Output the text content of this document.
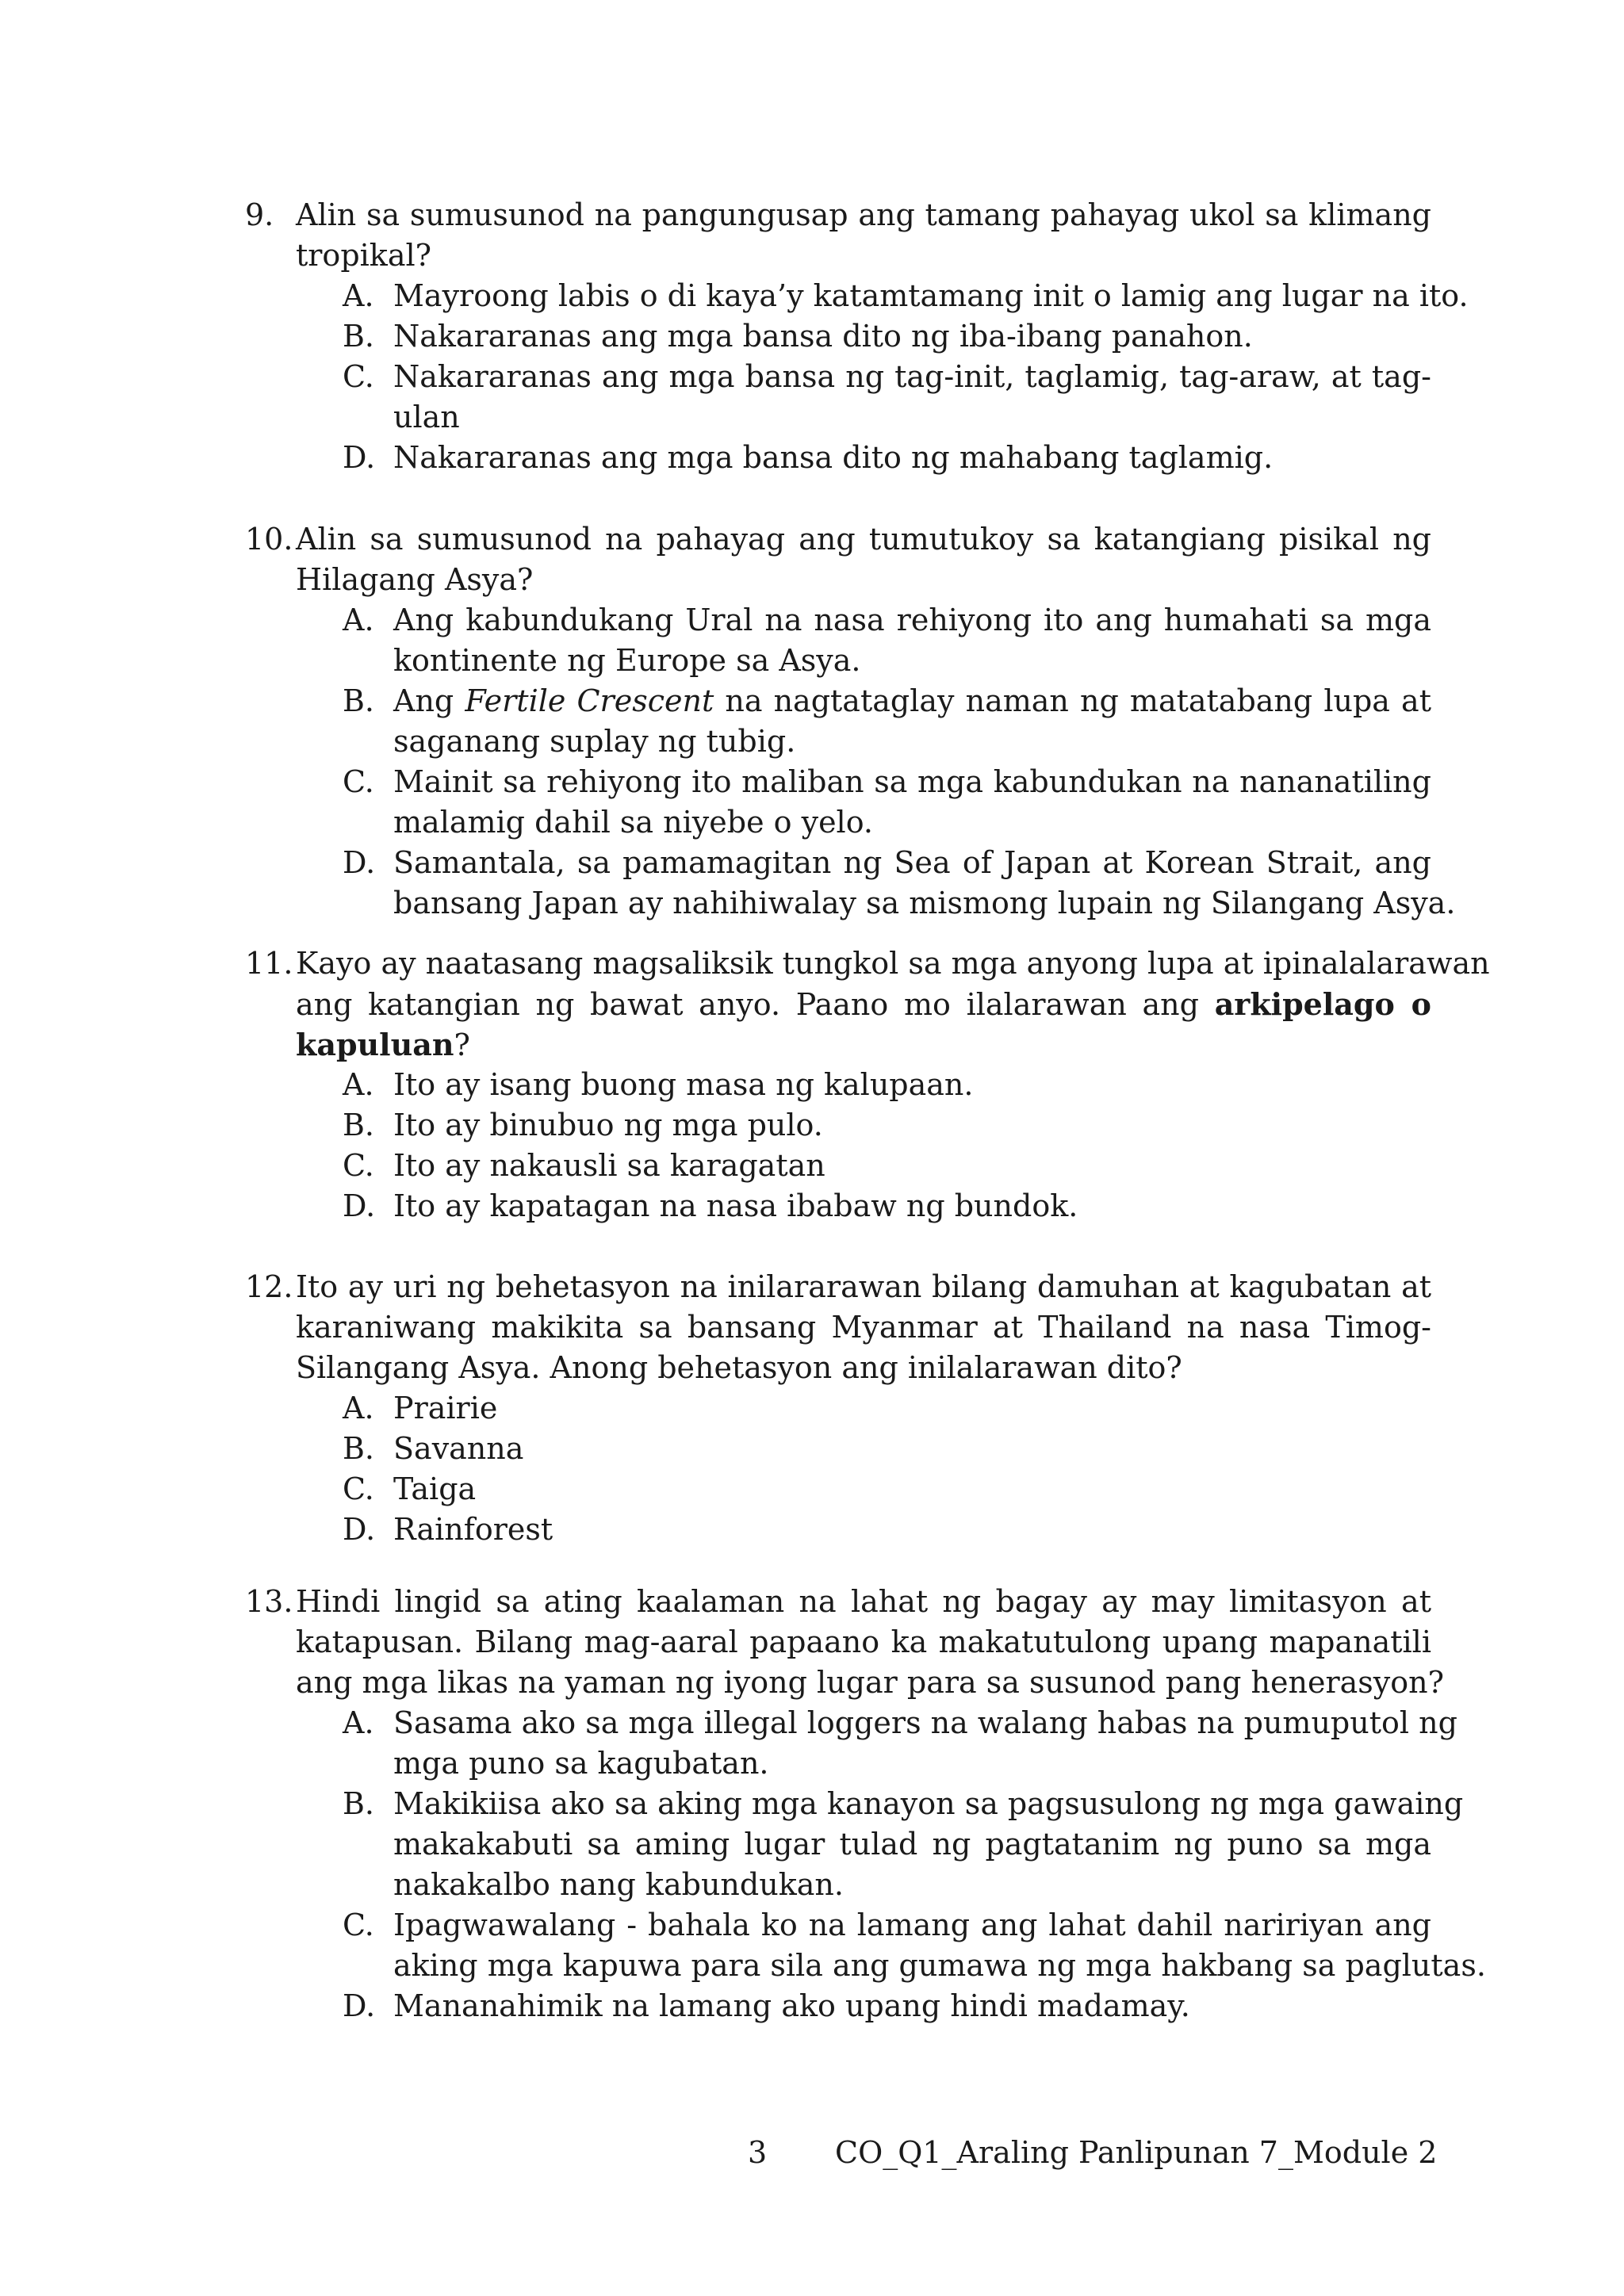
9. Alin sa sumusunod na pangungusap ang tamang pahayag ukol sa klimang
tropikal?
A. Mayroong labis o di kaya’y katamtamang init o lamig ang lugar na ito.
B. Nakararanas ang mga bansa dito ng iba-ibang panahon.
C. Nakararanas ang mga bansa ng tag-init, taglamig, tag-araw, at tag-
ulan
D. Nakararanas ang mga bansa dito ng mahabang taglamig.
10. Alin sa sumusunod na pahayag ang tumutukoy sa katangiang pisikal ng
Hilagang Asya?
A. Ang kabundukang Ural na nasa rehiyong ito ang humahati sa mga
kontinente ng Europe sa Asya.
B. Ang Fertile Crescent na nagtataglay naman ng matatabang lupa at
saganang suplay ng tubig.
C. Mainit sa rehiyong ito maliban sa mga kabundukan na nananatiling
malamig dahil sa niyebe o yelo.
D. Samantala, sa pamamagitan ng Sea of Japan at Korean Strait, ang
bansang Japan ay nahihiwalay sa mismong lupain ng Silangang Asya.
11. Kayo ay naatasang magsaliksik tungkol sa mga anyong lupa at ipinalalarawan
ang katangian ng bawat anyo. Paano mo ilalarawan ang arkipelago o
kapuluan?
A. Ito ay isang buong masa ng kalupaan.
B. Ito ay binubuo ng mga pulo.
C. Ito ay nakausli sa karagatan
D. Ito ay kapatagan na nasa ibabaw ng bundok.
12. Ito ay uri ng behetasyon na inilararawan bilang damuhan at kagubatan at
karaniwang makikita sa bansang Myanmar at Thailand na nasa Timog-
Silangang Asya. Anong behetasyon ang inilalarawan dito?
A. Prairie
B. Savanna
C. Taiga
D. Rainforest
13. Hindi lingid sa ating kaalaman na lahat ng bagay ay may limitasyon at
katapusan. Bilang mag-aaral papaano ka makatutulong upang mapanatili
ang mga likas na yaman ng iyong lugar para sa susunod pang henerasyon?
A. Sasama ako sa mga illegal loggers na walang habas na pumuputol ng
mga puno sa kagubatan.
B. Makikiisa ako sa aking mga kanayon sa pagsusulong ng mga gawaing
makakabuti sa aming lugar tulad ng pagtatanim ng puno sa mga
nakakalbo nang kabundukan.
C. Ipagwawalang - bahala ko na lamang ang lahat dahil naririyan ang
aking mga kapuwa para sila ang gumawa ng mga hakbang sa paglutas.
D. Mananahimik na lamang ako upang hindi madamay.
3 CO_Q1_Araling Panlipunan 7_Module 2
